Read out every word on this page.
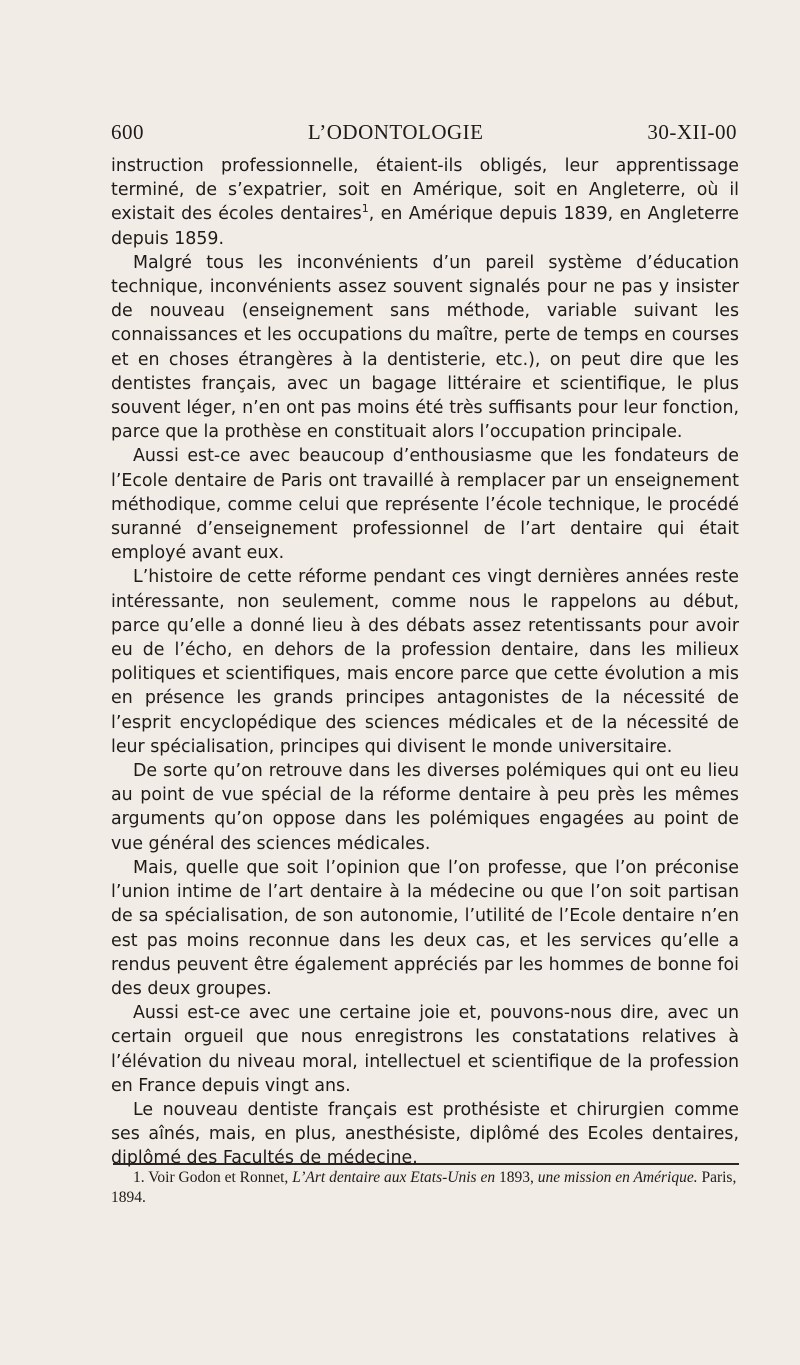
600	L’ODONTOLOGIE	30-XII-00

instruction professionnelle, étaient-ils obligés, leur apprentissage terminé, de s’expatrier, soit en Amérique, soit en Angleterre, où il existait des écoles dentaires$^1$, en Amérique depuis 1839, en Angleterre depuis 1859.

Malgré tous les inconvénients d’un pareil système d’éducation technique, inconvénients assez souvent signalés pour ne pas y insister de nouveau (enseignement sans méthode, variable suivant les connaissances et les occupations du maître, perte de temps en courses et en choses étrangères à la dentisterie, etc.), on peut dire que les dentistes français, avec un bagage littéraire et scientifique, le plus souvent léger, n’en ont pas moins été très suffisants pour leur fonction, parce que la prothèse en constituait alors l’occupation principale.

Aussi est-ce avec beaucoup d’enthousiasme que les fondateurs de l’Ecole dentaire de Paris ont travaillé à remplacer par un enseignement méthodique, comme celui que représente l’école technique, le procédé suranné d’enseignement professionnel de l’art dentaire qui était employé avant eux.

L’histoire de cette réforme pendant ces vingt dernières années reste intéressante, non seulement, comme nous le rappelons au début, parce qu’elle a donné lieu à des débats assez retentissants pour avoir eu de l’écho, en dehors de la profession dentaire, dans les milieux politiques et scientifiques, mais encore parce que cette évolution a mis en présence les grands principes antagonistes de la nécessité de l’esprit encyclopédique des sciences médicales et de la nécessité de leur spécialisation, principes qui divisent le monde universitaire.

De sorte qu’on retrouve dans les diverses polémiques qui ont eu lieu au point de vue spécial de la réforme dentaire à peu près les mêmes arguments qu’on oppose dans les polémiques engagées au point de vue général des sciences médicales.

Mais, quelle que soit l’opinion que l’on professe, que l’on préconise l’union intime de l’art dentaire à la médecine ou que l’on soit partisan de sa spécialisation, de son autonomie, l’utilité de l’Ecole dentaire n’en est pas moins reconnue dans les deux cas, et les services qu’elle a rendus peuvent être également appréciés par les hommes de bonne foi des deux groupes.

Aussi est-ce avec une certaine joie et, pouvons-nous dire, avec un certain orgueil que nous enregistrons les constatations relatives à l’élévation du niveau moral, intellectuel et scientifique de la profession en France depuis vingt ans.

Le nouveau dentiste français est prothésiste et chirurgien comme ses aînés, mais, en plus, anesthésiste, diplômé des Ecoles dentaires, diplômé des Facultés de médecine.

1. Voir Godon et Ronnet, L’Art dentaire aux Etats-Unis en 1893, une mission en Amérique. Paris, 1894.
